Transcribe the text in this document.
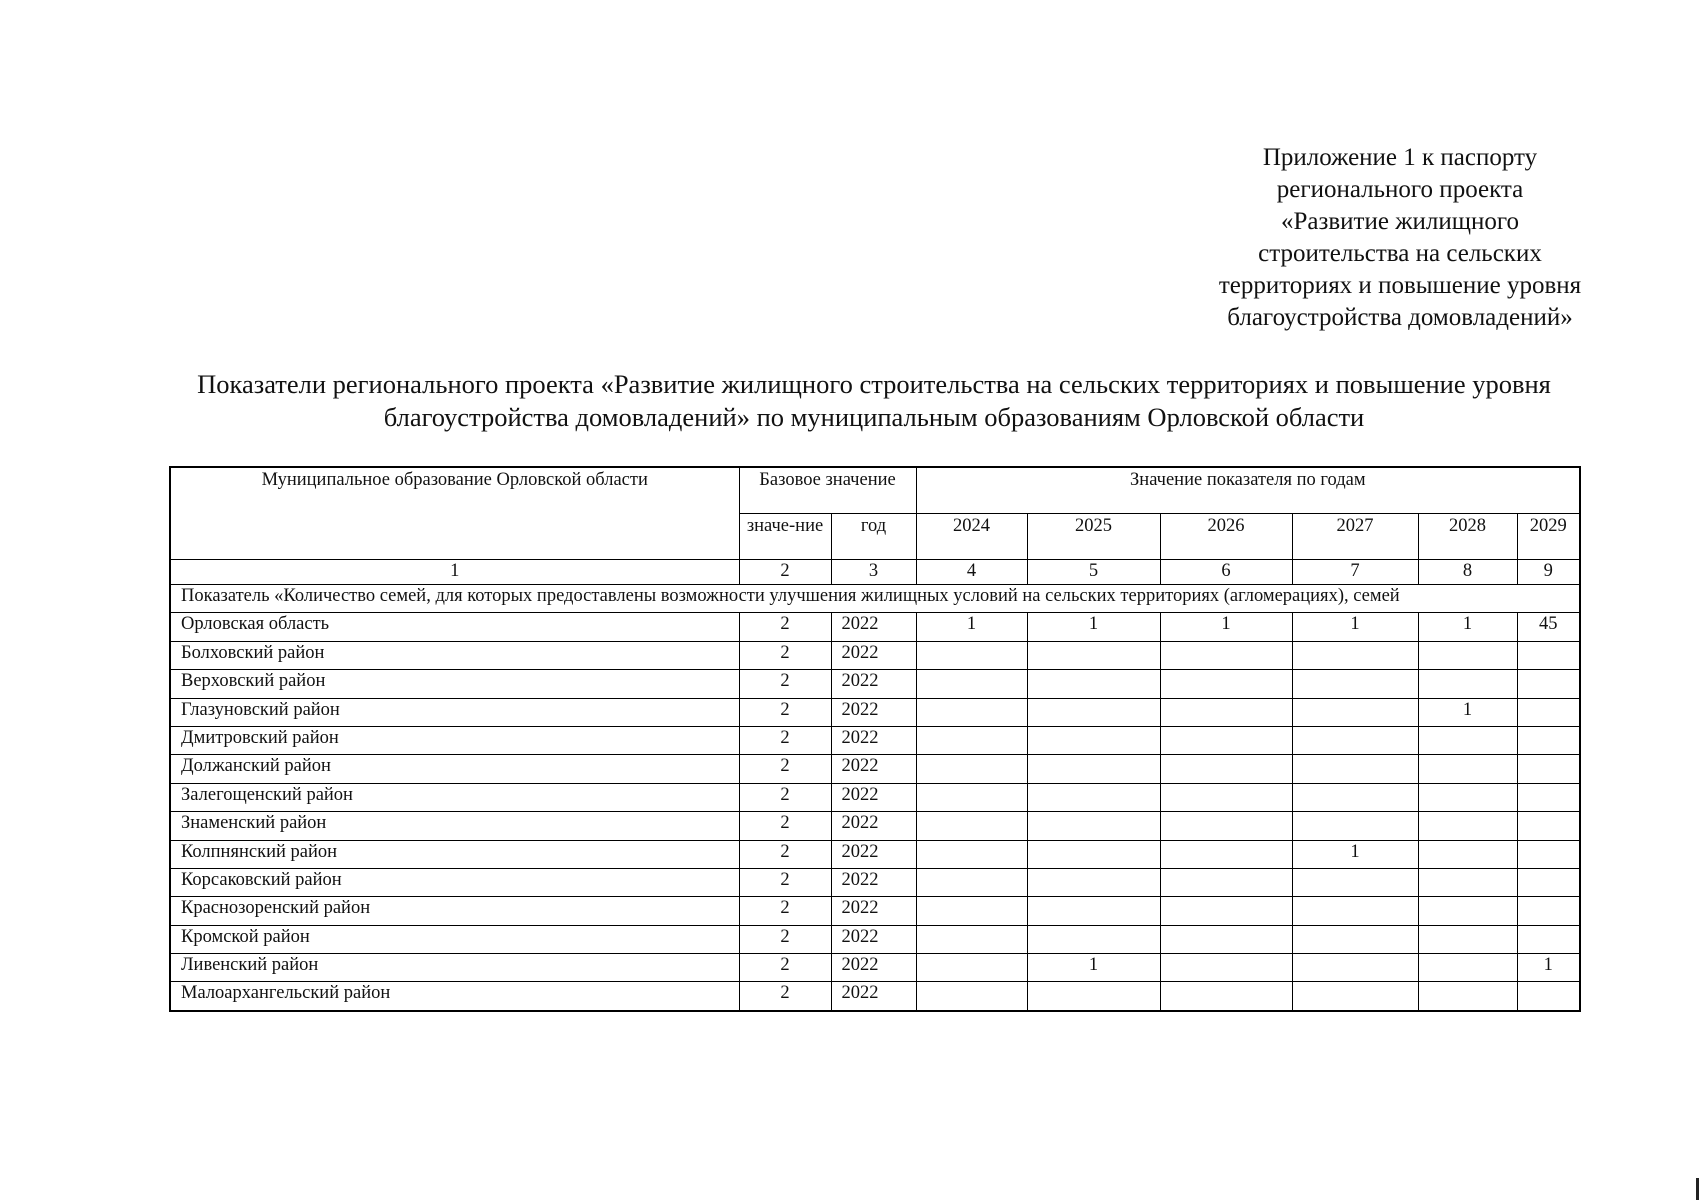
Приложение 1 к паспорту
регионального проекта
«Развитие жилищного
строительства на сельских
территориях и повышение уровня
благоустройства домовладений»
Показатели регионального проекта «Развитие жилищного строительства на сельских территориях и повышение уровня
благоустройства домовладений» по муниципальным образованиям Орловской области
Муниципальное образование Орловской области	Базовое значение		Значение показателя по годам					
	значе-ние	год	2024	2025	2026	2027	2028	2029
1	2	3	4	5	6	7	8	9
Показатель «Количество семей, для которых предоставлены возможности улучшения жилищных условий на сельских территориях (агломерациях), семей								
Орловская область	2	2022	1	1	1	1	1	45
Болховский район	2	2022						
Верховский район	2	2022						
Глазуновский район	2	2022					1	
Дмитровский район	2	2022						
Должанский район	2	2022						
Залегощенский район	2	2022						
Знаменский район	2	2022						
Колпнянский район	2	2022				1		
Корсаковский район	2	2022						
Краснозоренский район	2	2022						
Кромской район	2	2022						
Ливенский район	2	2022		1				1
Малоархангельский район	2	2022						
